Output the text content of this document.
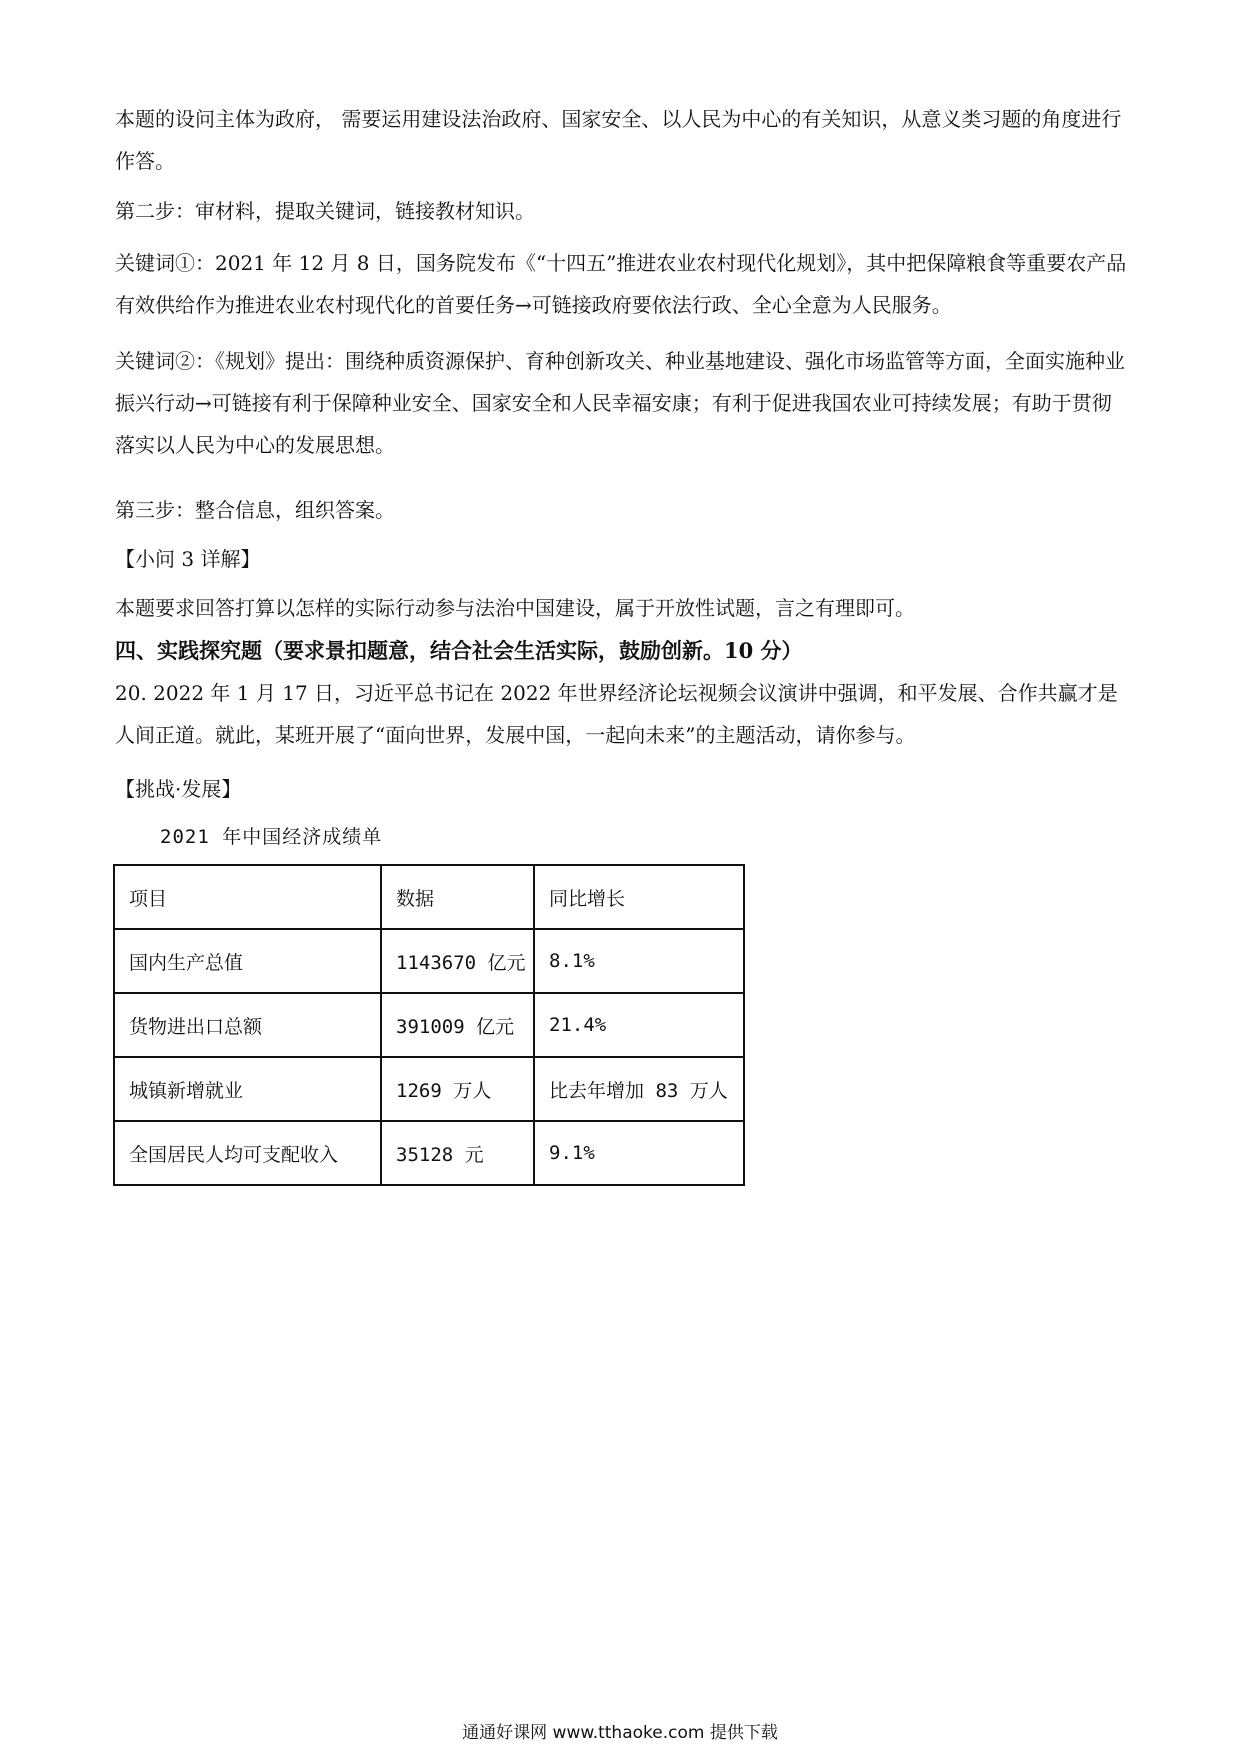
本题的设问主体为政府， 需要运用建设法治政府、国家安全、以人民为中心的有关知识，从意义类习题的角度进行作答。

第二步：审材料，提取关键词，链接教材知识。

关键词①：2021 年 12 月 8 日，国务院发布《“十四五”推进农业农村现代化规划》，其中把保障粮食等重要农产品有效供给作为推进农业农村现代化的首要任务→可链接政府要依法行政、全心全意为人民服务。

关键词②：《规划》提出：围绕种质资源保护、育种创新攻关、种业基地建设、强化市场监管等方面，全面实施种业振兴行动→可链接有利于保障种业安全、国家安全和人民幸福安康；有利于促进我国农业可持续发展；有助于贯彻落实以人民为中心的发展思想。

第三步：整合信息，组织答案。

【小问 3 详解】

本题要求回答打算以怎样的实际行动参与法治中国建设，属于开放性试题，言之有理即可。

四、实践探究题（要求景扣题意，结合社会生活实际，鼓励创新。10 分）

20. 2022 年 1 月 17 日，习近平总书记在 2022 年世界经济论坛视频会议演讲中强调，和平发展、合作共赢才是人间正道。就此，某班开展了“面向世界，发展中国，一起向未来”的主题活动，请你参与。

【挑战·发展】

2021 年中国经济成绩单
项目	数据	同比增长
国内生产总值	1143670 亿元	8.1%
货物进出口总额	391009 亿元	21.4%
城镇新增就业	1269 万人	比去年增加 83 万人
全国居民人均可支配收入	35128 元	9.1%
通通好课网 www.tthaoke.com 提供下载
